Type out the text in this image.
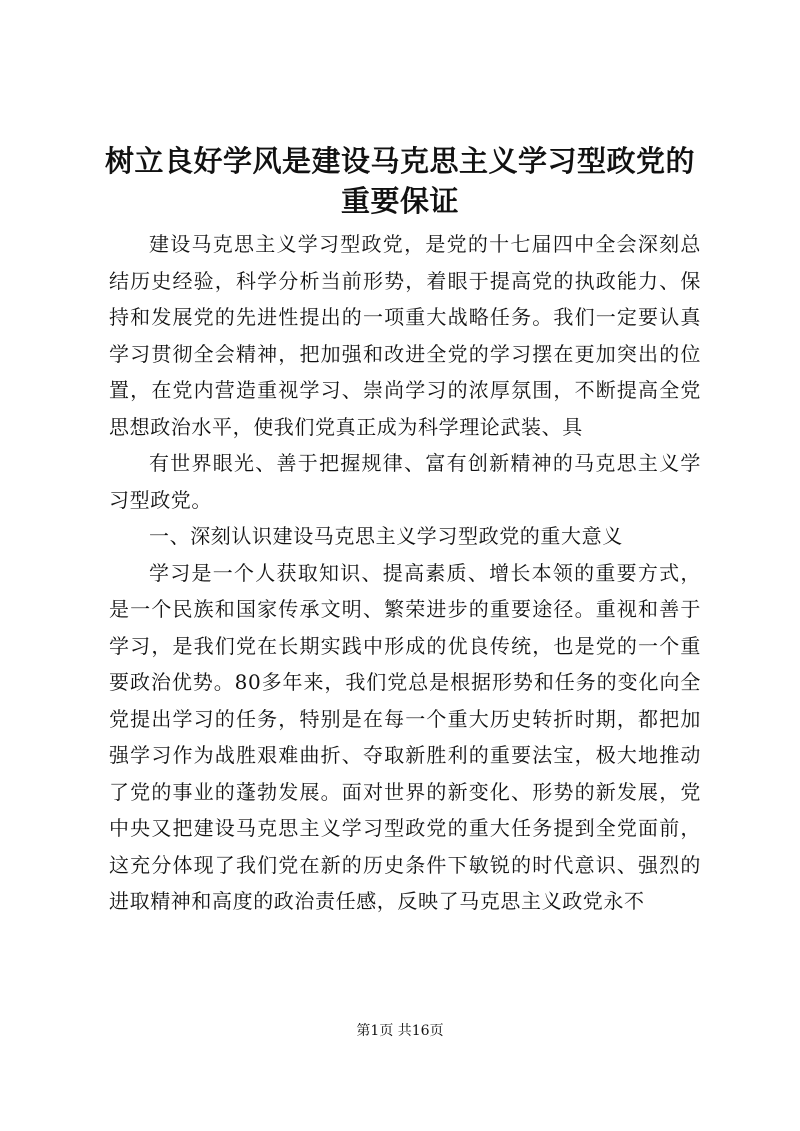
树立良好学风是建设马克思主义学习型政党的
重要保证

建设马克思主义学习型政党，是党的十七届四中全会深刻总结历史经验，科学分析当前形势，着眼于提高党的执政能力、保持和发展党的先进性提出的一项重大战略任务。我们一定要认真学习贯彻全会精神，把加强和改进全党的学习摆在更加突出的位置，在党内营造重视学习、崇尚学习的浓厚氛围，不断提高全党思想政治水平，使我们党真正成为科学理论武装、具

有世界眼光、善于把握规律、富有创新精神的马克思主义学习型政党。

一、深刻认识建设马克思主义学习型政党的重大意义

学习是一个人获取知识、提高素质、增长本领的重要方式，是一个民族和国家传承文明、繁荣进步的重要途径。重视和善于学习，是我们党在长期实践中形成的优良传统，也是党的一个重要政治优势。80多年来，我们党总是根据形势和任务的变化向全党提出学习的任务，特别是在每一个重大历史转折时期，都把加强学习作为战胜艰难曲折、夺取新胜利的重要法宝，极大地推动了党的事业的蓬勃发展。面对世界的新变化、形势的新发展，党中央又把建设马克思主义学习型政党的重大任务提到全党面前，这充分体现了我们党在新的历史条件下敏锐的时代意识、强烈的进取精神和高度的政治责任感，反映了马克思主义政党永不

第1页 共16页
